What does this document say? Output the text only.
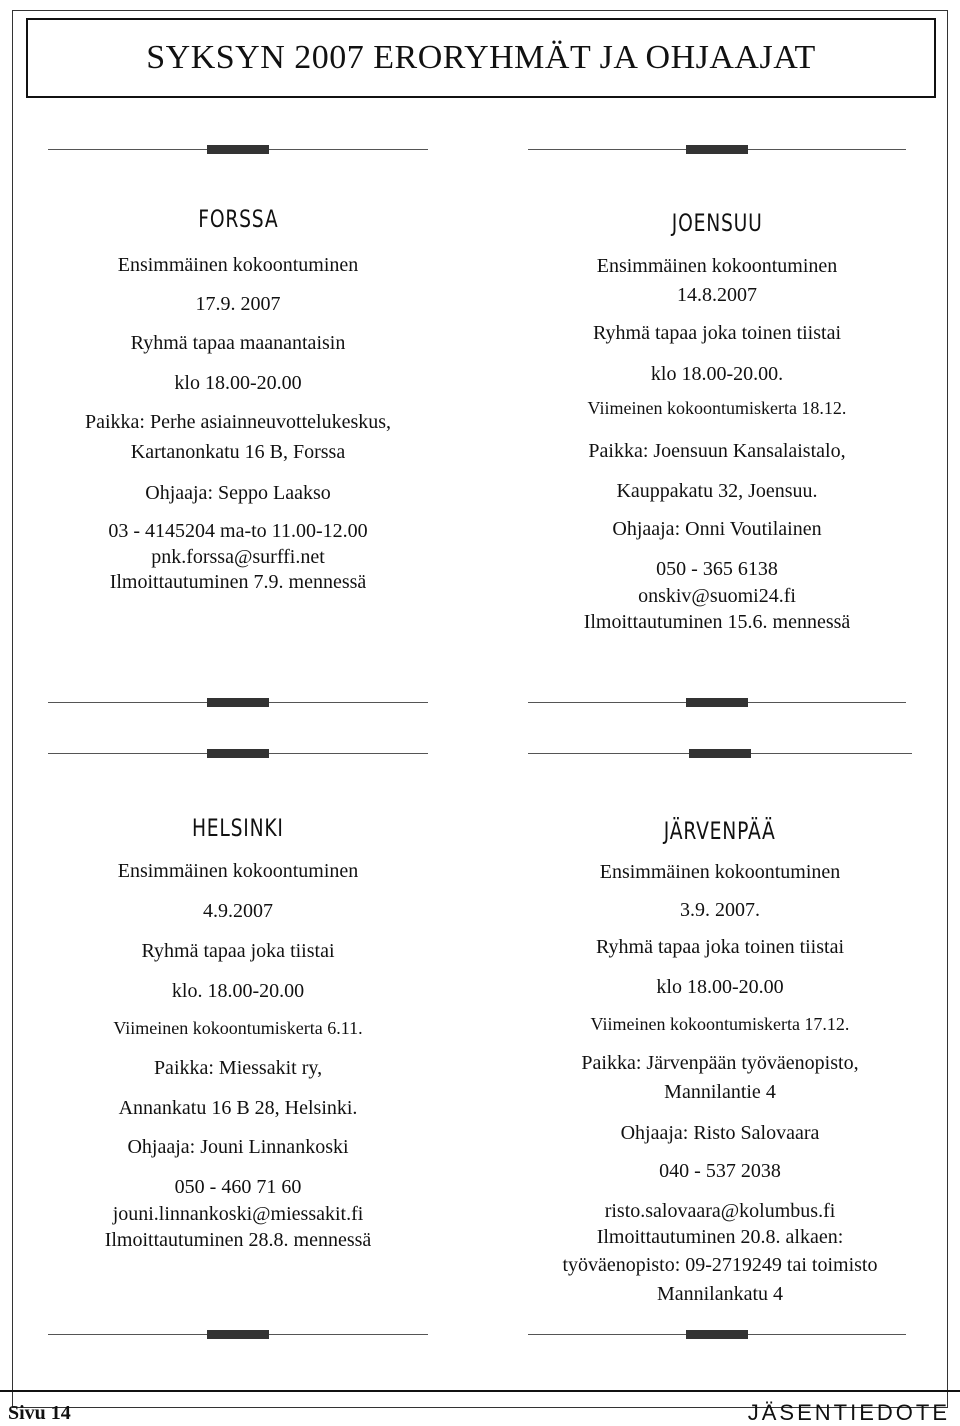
SYKSYN 2007 ERORYHMÄT JA OHJAAJAT
FORSSA
Ensimmäinen kokoontuminen
17.9. 2007
Ryhmä tapaa maanantaisin
klo 18.00-20.00
Paikka: Perhe asiainneuvottelukeskus,
Kartanonkatu 16 B, Forssa
Ohjaaja: Seppo Laakso
03 - 4145204 ma-to 11.00-12.00
pnk.forssa@surffi.net
Ilmoittautuminen 7.9. mennessä
JOENSUU
Ensimmäinen kokoontuminen
14.8.2007
Ryhmä tapaa joka toinen tiistai
klo 18.00-20.00.
Viimeinen kokoontumiskerta 18.12.
Paikka: Joensuun Kansalaistalo,
Kauppakatu 32, Joensuu.
Ohjaaja: Onni Voutilainen
050 - 365 6138
onskiv@suomi24.fi
Ilmoittautuminen 15.6. mennessä
HELSINKI
Ensimmäinen kokoontuminen
4.9.2007
Ryhmä tapaa joka tiistai
klo. 18.00-20.00
Viimeinen kokoontumiskerta 6.11.
Paikka: Miessakit ry,
Annankatu 16 B 28, Helsinki.
Ohjaaja: Jouni Linnankoski
050 - 460 71 60
jouni.linnankoski@miessakit.fi
Ilmoittautuminen 28.8. mennessä
JÄRVENPÄÄ
Ensimmäinen kokoontuminen
3.9. 2007.
Ryhmä tapaa joka toinen tiistai
klo 18.00-20.00
Viimeinen kokoontumiskerta 17.12.
Paikka: Järvenpään työväenopisto,
Mannilantie 4
Ohjaaja: Risto Salovaara
040 - 537 2038
risto.salovaara@kolumbus.fi
Ilmoittautuminen 20.8. alkaen:
työväenopisto: 09-2719249 tai toimisto
Mannilankatu 4
Sivu 14	JÄSENTIEDOTE
